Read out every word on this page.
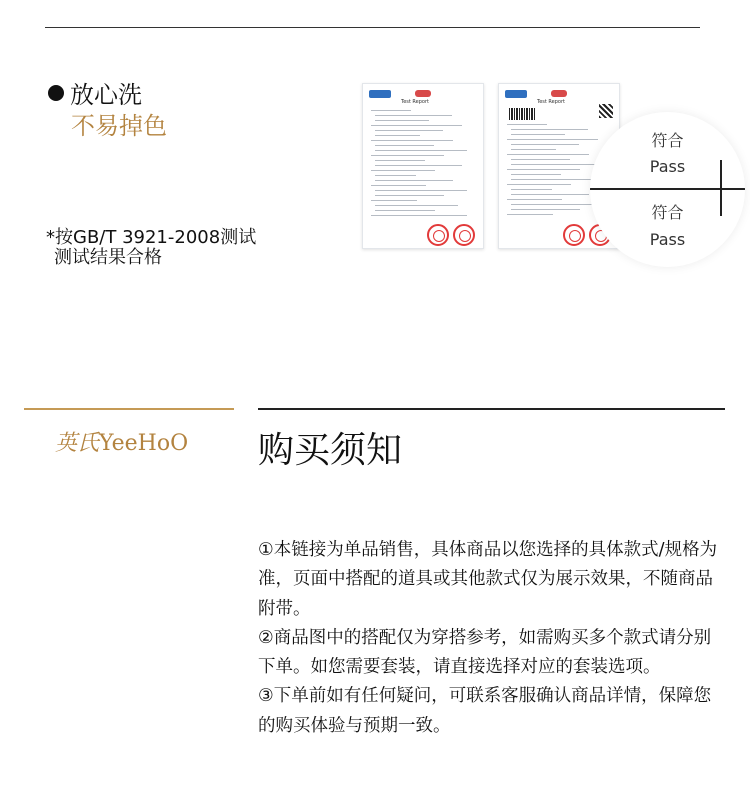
放心洗
不易掉色
*按GB/T 3921-2008测试
测试结果合格
Test Report	Test Report
符合
Pass
符合
Pass
英氏YeeHoO 购买须知

①本链接为单品销售，具体商品以您选择的具体款式/规格为准，页面中搭配的道具或其他款式仅为展示效果，不随商品附带。

②商品图中的搭配仅为穿搭参考，如需购买多个款式请分别下单。如您需要套装，请直接选择对应的套装选项。

③下单前如有任何疑问，可联系客服确认商品详情，保障您的购买体验与预期一致。
